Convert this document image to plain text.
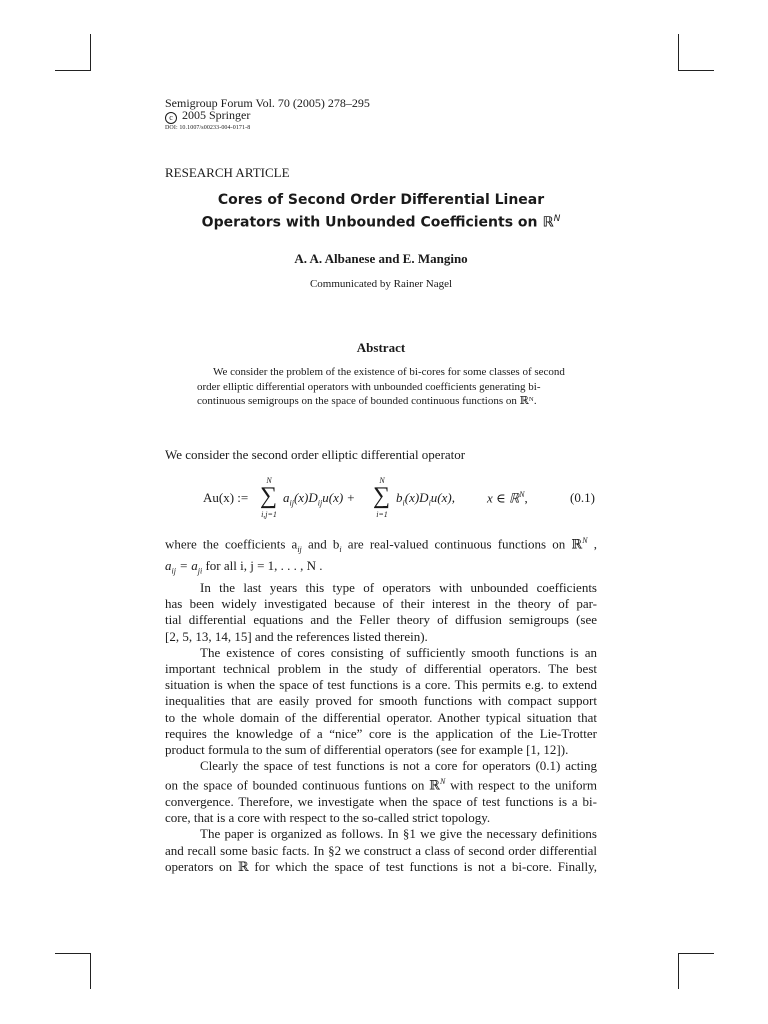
Semigroup Forum Vol. 70 (2005) 278–295
c 2005 Springer
DOI: 10.1007/s00233-004-0171-8
RESEARCH ARTICLE
Cores of Second Order Differential Linear
Operators with Unbounded Coefficients on ℝ$^N$
A. A. Albanese and E. Mangino
Communicated by Rainer Nagel
Abstract
We consider the problem of the existence of bi-cores for some classes of second
order elliptic differential operators with unbounded coefficients generating bi-
continuous semigroups on the space of bounded continuous functions on ℝᴺ.
We consider the second order elliptic differential operator
Au(x) :=
N
∑
i,j=1
$a_{ij}(x)D_{ij}u(x)$ +
N
∑
i=1
$b_i(x)D_iu(x)$, x ∈ ℝ$^N$,	(0.1)
where the coefficients $a_{ij}$ and $b_i$ are real-valued continuous functions on ℝ$^N$ ,
$a_{ij} = a_{ji}$ for all i, j = 1, . . . , N .
In the last years this type of operators with unbounded coefficients
has been widely investigated because of their interest in the theory of par-
tial differential equations and the Feller theory of diffusion semigroups (see
[2, 5, 13, 14, 15] and the references listed therein).
The existence of cores consisting of sufficiently smooth functions is an
important technical problem in the study of differential operators. The best
situation is when the space of test functions is a core. This permits e.g. to extend
inequalities that are easily proved for smooth functions with compact support
to the whole domain of the differential operator. Another typical situation that
requires the knowledge of a “nice” core is the application of the Lie-Trotter
product formula to the sum of differential operators (see for example [1, 12]).
Clearly the space of test functions is not a core for operators (0.1) acting
on the space of bounded continuous funtions on ℝ$^N$ with respect to the uniform
convergence. Therefore, we investigate when the space of test functions is a bi-
core, that is a core with respect to the so-called strict topology.
The paper is organized as follows. In §1 we give the necessary definitions
and recall some basic facts. In §2 we construct a class of second order differential
operators on ℝ for which the space of test functions is not a bi-core. Finally,
